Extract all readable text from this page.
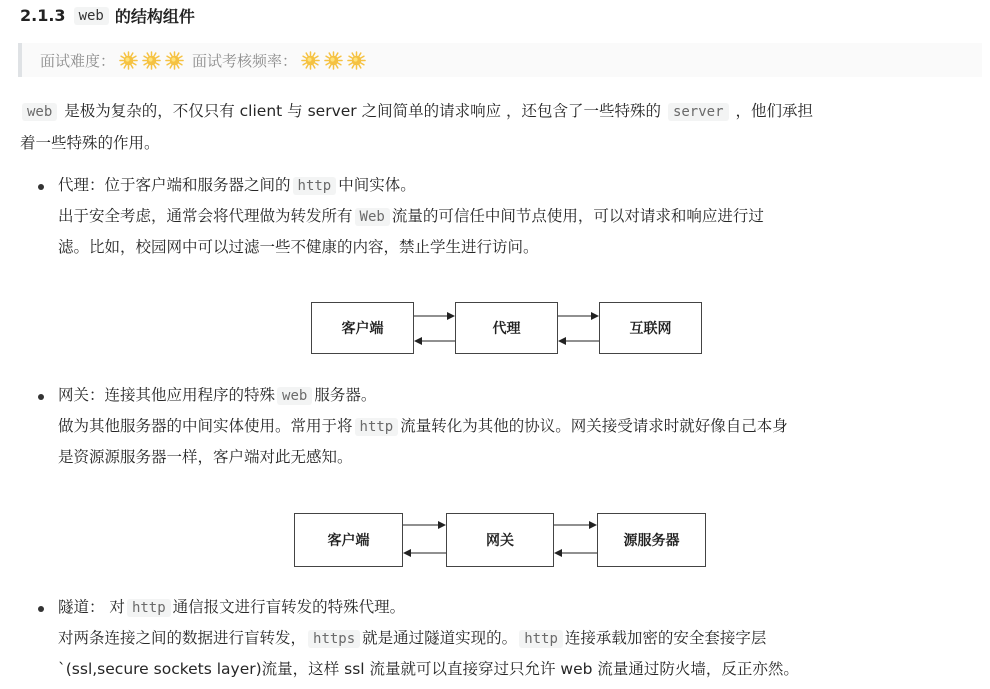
2.1.3 web 的结构组件
面试难度：	面试考核频率：
web 是极为复杂的，不仅只有 client 与 server 之间简单的请求响应 ，还包含了一些特殊的 server ，他们承担
着一些特殊的作用。
代理：位于客户端和服务器之间的 http 中间实体。
出于安全考虑，通常会将代理做为转发所有 Web 流量的可信任中间节点使用，可以对请求和响应进行过
滤。比如，校园网中可以过滤一些不健康的内容，禁止学生进行访问。
客户端	代理	互联网
网关：连接其他应用程序的特殊 web 服务器。
做为其他服务器的中间实体使用。常用于将 http 流量转化为其他的协议。网关接受请求时就好像自己本身
是资源源服务器一样，客户端对此无感知。
客户端	网关	源服务器
隧道： 对 http 通信报文进行盲转发的特殊代理。
对两条连接之间的数据进行盲转发， https 就是通过隧道实现的。 http 连接承载加密的安全套接字层
`(ssl,secure sockets layer)流量，这样 ssl 流量就可以直接穿过只允许 web 流量通过防火墙，反正亦然。
